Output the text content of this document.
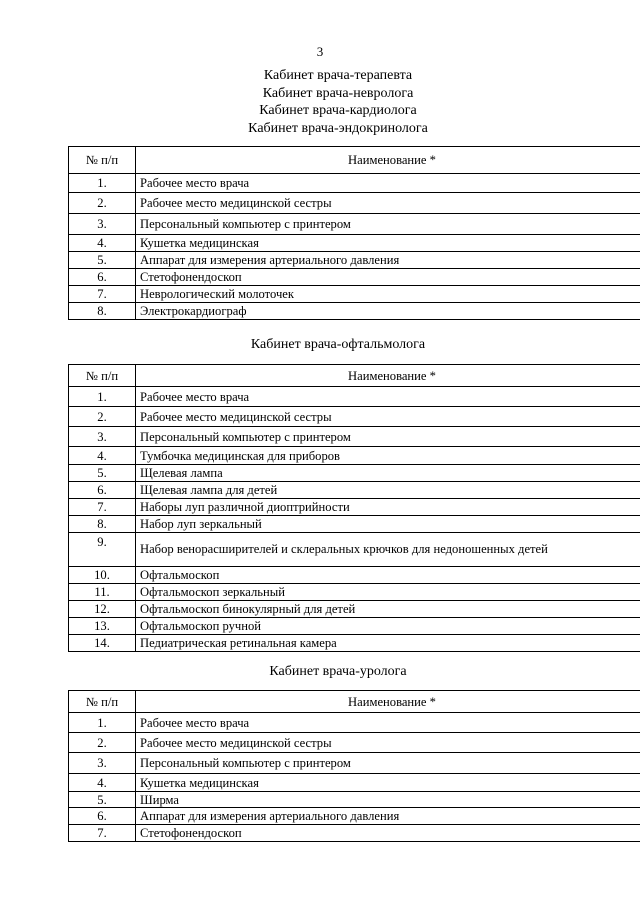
3
Кабинет врача-терапевта
Кабинет врача-невролога
Кабинет врача-кардиолога
Кабинет врача-эндокринолога
№ п/п	Наименование *
1.	Рабочее место врача
2.	Рабочее место медицинской сестры
3.	Персональный компьютер с принтером
4.	Кушетка медицинская
5.	Аппарат для измерения артериального давления
6.	Стетофонендоскоп
7.	Неврологический молоточек
8.	Электрокардиограф
Кабинет врача-офтальмолога
№ п/п	Наименование *
1.	Рабочее место врача
2.	Рабочее место медицинской сестры
3.	Персональный компьютер с принтером
4.	Тумбочка медицинская для приборов
5.	Щелевая лампа
6.	Щелевая лампа для детей
7.	Наборы луп различной диоптрийности
8.	Набор луп зеркальный
9.	Набор венорасширителей и склеральных крючков для недоношенных детей
10.	Офтальмоскоп
11.	Офтальмоскоп зеркальный
12.	Офтальмоскоп бинокулярный для детей
13.	Офтальмоскоп ручной
14.	Педиатрическая ретинальная камера
Кабинет врача-уролога
№ п/п	Наименование *
1.	Рабочее место врача
2.	Рабочее место медицинской сестры
3.	Персональный компьютер с принтером
4.	Кушетка медицинская
5.	Ширма
6.	Аппарат для измерения артериального давления
7.	Стетофонендоскоп
